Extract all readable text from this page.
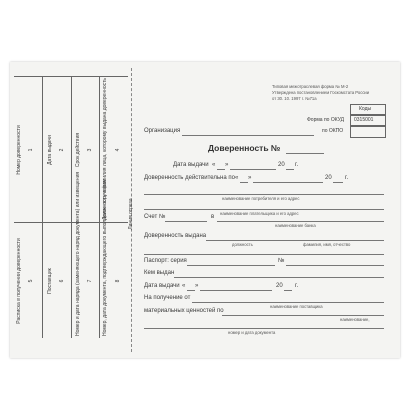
Номер доверенности 1	Дата выдачи 2 Срок действия 3 Должность и фамилия лица, которому выдана доверенность 4
Расписка в получении доверенности 5	Поставщик 6 Номер и дата наряда (заменяющего наряд документа) или извещения 7 Номер, дата документа, подтверждающего выполнение поручения 8
Линия отреза
Типовая межотраслевая форма № М-2
Утверждена постановлением Госкомстата России
от 30. 10. 1997 г. №71а
Коды
0315001
Форма по ОКУД
по ОКПО
Организация
Доверенность №
Дата выдачи « »	20 г.
Доверенность действительна по « »	20 г.
наименование потребителя и его адрес
наименование плательщика и его адрес
Счет №	в
наименование банка
Доверенность выдана
должность	фамилия, имя, отчество
Паспорт: серия	№
Кем выдан
Дата выдачи « »	20 г.
На получение от
наименование поставщика
материальных ценностей по
наименование,
номер и дата документа
